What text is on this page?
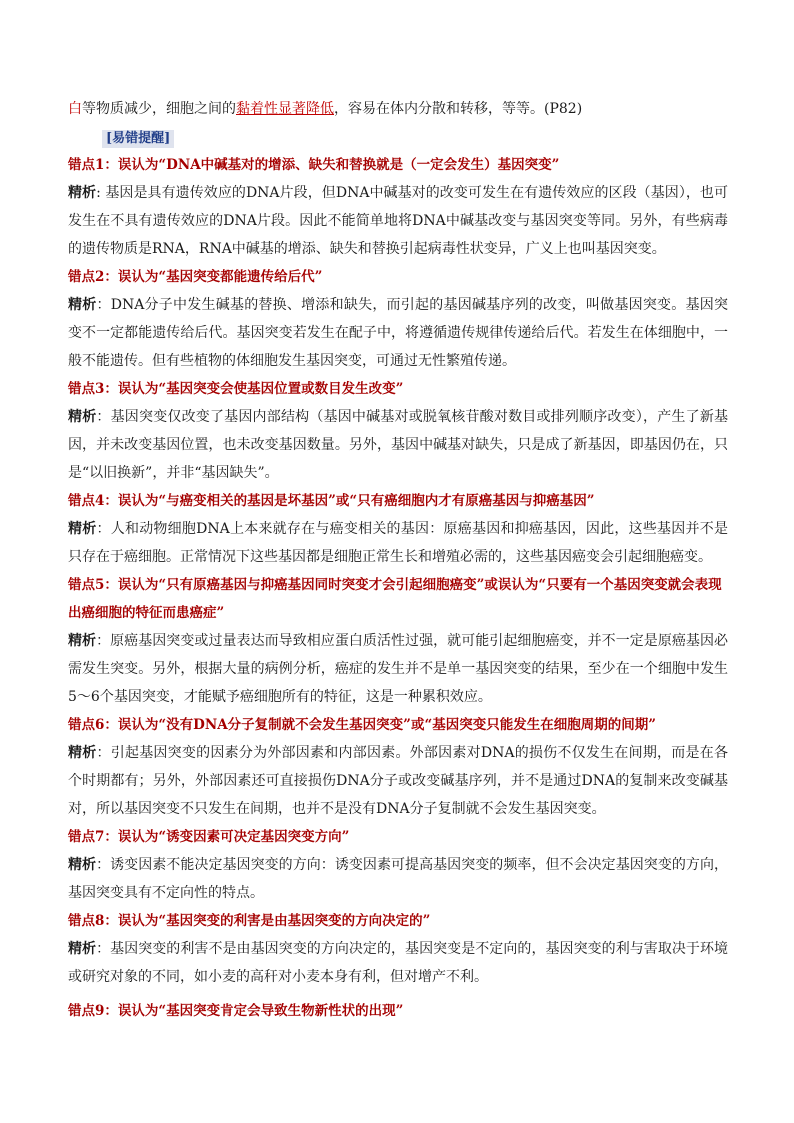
白等物质减少，细胞之间的黏着性显著降低，容易在体内分散和转移，等等。(P82)
[易错提醒]
错点1：误认为“DNA中碱基对的增添、缺失和替换就是（一定会发生）基因突变”

精析: 基因是具有遗传效应的DNA片段，但DNA中碱基对的改变可发生在有遗传效应的区段（基因），也可发生在不具有遗传效应的DNA片段。因此不能简单地将DNA中碱基改变与基因突变等同。另外，有些病毒的遗传物质是RNA，RNA中碱基的增添、缺失和替换引起病毒性状变异，广义上也叫基因突变。

错点2：误认为“基因突变都能遗传给后代”

精析：DNA分子中发生碱基的替换、增添和缺失，而引起的基因碱基序列的改变，叫做基因突变。基因突变不一定都能遗传给后代。基因突变若发生在配子中，将遵循遗传规律传递给后代。若发生在体细胞中，一般不能遗传。但有些植物的体细胞发生基因突变，可通过无性繁殖传递。

错点3：误认为“基因突变会使基因位置或数目发生改变”

精析：基因突变仅改变了基因内部结构（基因中碱基对或脱氧核苷酸对数目或排列顺序改变），产生了新基因，并未改变基因位置，也未改变基因数量。另外，基因中碱基对缺失，只是成了新基因，即基因仍在，只是“以旧换新”，并非“基因缺失”。

错点4：误认为“与癌变相关的基因是坏基因”或“只有癌细胞内才有原癌基因与抑癌基因”

精析：人和动物细胞DNA上本来就存在与癌变相关的基因：原癌基因和抑癌基因，因此，这些基因并不是只存在于癌细胞。正常情况下这些基因都是细胞正常生长和增殖必需的，这些基因癌变会引起细胞癌变。

错点5：误认为“只有原癌基因与抑癌基因同时突变才会引起细胞癌变”或误认为“只要有一个基因突变就会表现出癌细胞的特征而患癌症”

精析：原癌基因突变或过量表达而导致相应蛋白质活性过强，就可能引起细胞癌变，并不一定是原癌基因必需发生突变。另外，根据大量的病例分析，癌症的发生并不是单一基因突变的结果，至少在一个细胞中发生5～6个基因突变，才能赋予癌细胞所有的特征，这是一种累积效应。

错点6：误认为“没有DNA分子复制就不会发生基因突变”或“基因突变只能发生在细胞周期的间期”

精析：引起基因突变的因素分为外部因素和内部因素。外部因素对DNA的损伤不仅发生在间期，而是在各个时期都有；另外，外部因素还可直接损伤DNA分子或改变碱基序列，并不是通过DNA的复制来改变碱基对，所以基因突变不只发生在间期，也并不是没有DNA分子复制就不会发生基因突变。

错点7：误认为“诱变因素可决定基因突变方向”

精析：诱变因素不能决定基因突变的方向：诱变因素可提高基因突变的频率，但不会决定基因突变的方向，基因突变具有不定向性的特点。

错点8：误认为“基因突变的利害是由基因突变的方向决定的”

精析：基因突变的利害不是由基因突变的方向决定的，基因突变是不定向的，基因突变的利与害取决于环境或研究对象的不同，如小麦的高秆对小麦本身有利，但对增产不利。

错点9：误认为“基因突变肯定会导致生物新性状的出现”
